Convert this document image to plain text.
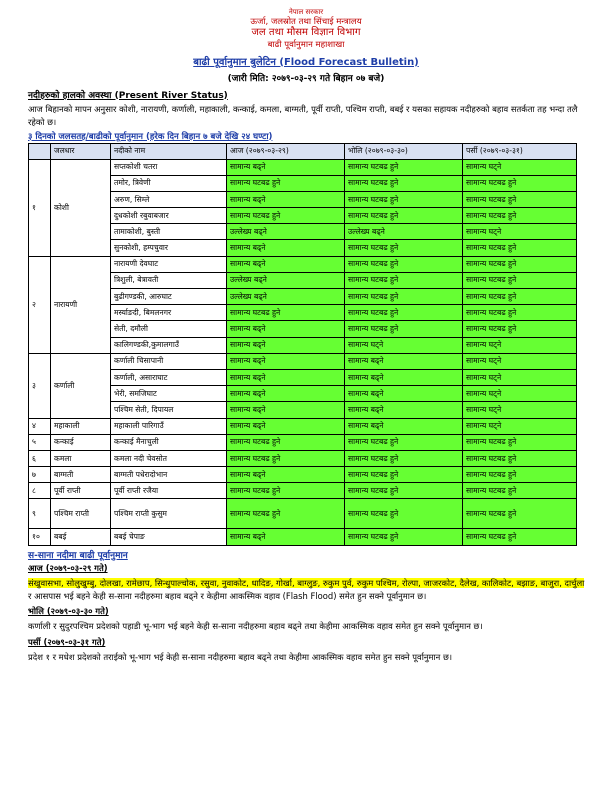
नेपाल सरकार
ऊर्जा, जलस्रोत तथा सिंचाई मन्त्रालय
जल तथा मौसम विज्ञान विभाग
बाढी पूर्वानुमान महाशाखा
बाढी पूर्वानुमान बुलेटिन (Flood Forecast Bulletin)
(जारी मिति: २०७९-०३-२९ गते बिहान ०७ बजे)
नदीहरुको हालको अवस्था (Present River Status)
आज बिहानको मापन अनुसार कोशी, नारायणी, कर्णाली, महाकाली, कन्काई, कमला, बाग्मती, पूर्वी राप्ती, पश्चिम राप्ती, बबई र यसका सहायक नदीहरुको बहाव सतर्कता तह भन्दा तलै रहेको छ।
३ दिनको जलसतह/बाढीको पूर्वानुमान (हरेक दिन बिहान ७ बजे देखि २४ घण्टा)
	जलधार	नदीको नाम	आज (२०७९-०३-२९)	भोलि (२०७९-०३-३०)	पर्सी (२०७९-०३-३१)
१	कोशी	सप्तकोशी चतरा	सामान्य बढ्ने	सामान्य घटबढ हुने	सामान्य घट्ने
		तमोर, त्रिवेणी	सामान्य घटबढ हुने	सामान्य घटबढ हुने	सामान्य घटबढ हुने
		अरुण, सिम्ले	सामान्य बढ्ने	सामान्य घटबढ हुने	सामान्य घटबढ हुने
		दुधकोशी रबुवाबजार	सामान्य घटबढ हुने	सामान्य घटबढ हुने	सामान्य घटबढ हुने
		तामाकोशी, बुस्ती	उल्लेख्य बढ्ने	उल्लेख्य बढ्ने	सामान्य घट्ने
		सुनकोशी, हम्पचुवार	सामान्य बढ्ने	सामान्य घटबढ हुने	सामान्य घटबढ हुने
२	नारायणी	नारायणी देवघाट	सामान्य बढ्ने	सामान्य घटबढ हुने	सामान्य घटबढ हुने
		त्रिशुली, बेत्रावती	उल्लेख्य बढ्ने	सामान्य घटबढ हुने	सामान्य घटबढ हुने
		बुढीगण्डकी, आरुघाट	उल्लेख्य बढ्ने	सामान्य घटबढ हुने	सामान्य घटबढ हुने
		मर्स्याङदी, बिमलनगर	सामान्य घटबढ हुने	सामान्य घटबढ हुने	सामान्य घटबढ हुने
		सेती, दमौली	सामान्य बढ्ने	सामान्य घटबढ हुने	सामान्य घटबढ हुने
		कालिगण्डकी,कुमालगाउँ	सामान्य बढ्ने	सामान्य घट्ने	सामान्य घट्ने
३	कर्णाली	कर्णाली चिसापानी	सामान्य बढ्ने	सामान्य बढ्ने	सामान्य घट्ने
		कर्णाली, असाराघाट	सामान्य बढ्ने	सामान्य बढ्ने	सामान्य घट्ने
		भेरी, समजिघाट	सामान्य बढ्ने	सामान्य बढ्ने	सामान्य घट्ने
		पश्चिम सेती, दिपायल	सामान्य बढ्ने	सामान्य बढ्ने	सामान्य घट्ने
४	महाकाली	महाकाली पारिगाउँ	सामान्य बढ्ने	सामान्य बढ्ने	सामान्य घट्ने
५	कन्काई	कन्काई मैनाचुली	सामान्य घटबढ हुने	सामान्य घटबढ हुने	सामान्य घटबढ हुने
६	कमला	कमला नदी चेवसोत	सामान्य घटबढ हुने	सामान्य घटबढ हुने	सामान्य घटबढ हुने
७	बाग्मती	बाग्मती पधेरादोभान	सामान्य बढ्ने	सामान्य घटबढ हुने	सामान्य घटबढ हुने
८	पूर्वी राप्ती	पूर्वी राप्ती रजैया	सामान्य घटबढ हुने	सामान्य घटबढ हुने	सामान्य घटबढ हुने
९	पश्चिम राप्ती	पश्चिम राप्ती कुसुम	सामान्य घटबढ हुने	सामान्य घटबढ हुने	सामान्य घटबढ हुने
१०	बबई	बबई चेपाङ	सामान्य बढ्ने	सामान्य घटबढ हुने	सामान्य घटबढ हुने
स-साना नदीमा बाढी पूर्वानुमान
आज (२०७९-०३-२९ गते)
संखुवासभा, सोलुखुम्बु, दोलखा, रामेछाप, सिन्धुपाल्चोक, रसुवा, नुवाकोट, धादिङ, गोर्खा, बाग्लुङ, रुकुम पुर्व, रुकुम पश्चिम, रोल्पा, जाजरकोट, दैलेख, कालिकोट, बझाङ, बाजुरा, दार्चुला र आसपास भई बहने केही स-साना नदीहरुमा बहाव बढ्ने र केहीमा आकस्मिक वहाव (Flash Flood) समेत हुन सक्ने पूर्वानुमान छ।
भोलि (२०७९-०३-३० गते)
कर्णाली र सुदुरपश्चिम प्रदेशको पहाडी भू-भाग भई बहने केही स-साना नदीहरुमा बहाव बढ्ने तथा केहीमा आकस्मिक वहाव समेत हुन सक्ने पूर्वानुमान छ।
पर्सी (२०७९-०३-३१ गते)
प्रदेश १ र मधेश प्रदेशको तराईको भू-भाग भई केही स-साना नदीहरुमा बहाव बढ्ने तथा केहीमा आकस्मिक वहाव समेत हुन सक्ने पूर्वानुमान छ।
